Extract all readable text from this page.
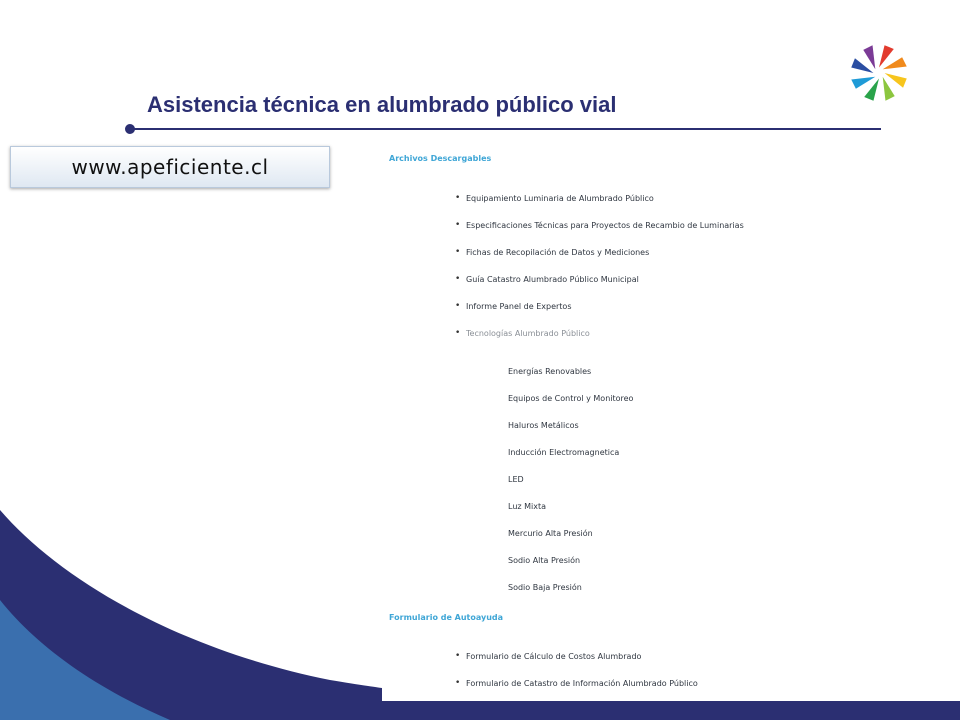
Asistencia técnica en alumbrado público vial
www.apeficiente.cl	Archivos Descargables
• Equipamiento Luminaria de Alumbrado Público
• Especificaciones Técnicas para Proyectos de Recambio de Luminarias
• Fichas de Recopilación de Datos y Mediciones
• Guía Catastro Alumbrado Público Municipal
• Informe Panel de Expertos
• Tecnologías Alumbrado Público
Energías Renovables
Equipos de Control y Monitoreo
Haluros Metálicos
Inducción Electromagnetica
LED
Luz Mixta
Mercurio Alta Presión
Sodio Alta Presión
Sodio Baja Presión
Formulario de Autoayuda
• Formulario de Cálculo de Costos Alumbrado
• Formulario de Catastro de Información Alumbrado Público
